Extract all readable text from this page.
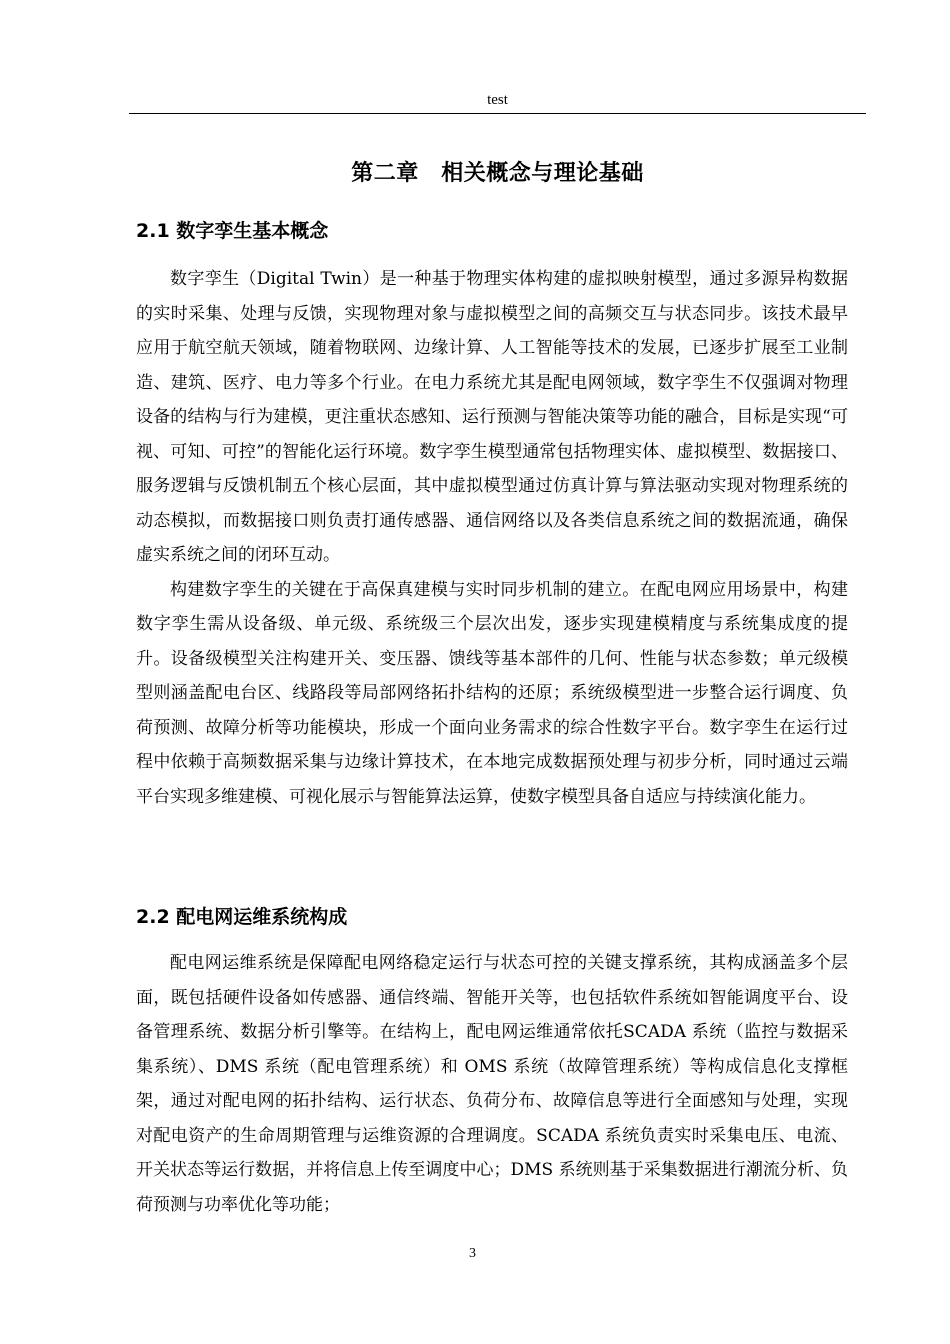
test
第二章　相关概念与理论基础
2.1 数字孪生基本概念

数字孪生（Digital Twin）是一种基于物理实体构建的虚拟映射模型，通过多源异构数据的实时采集、处理与反馈，实现物理对象与虚拟模型之间的高频交互与状态同步。该技术最早应用于航空航天领域，随着物联网、边缘计算、人工智能等技术的发展，已逐步扩展至工业制造、建筑、医疗、电力等多个行业。在电力系统尤其是配电网领域，数字孪生不仅强调对物理设备的结构与行为建模，更注重状态感知、运行预测与智能决策等功能的融合，目标是实现“可视、可知、可控”的智能化运行环境。数字孪生模型通常包括物理实体、虚拟模型、数据接口、服务逻辑与反馈机制五个核心层面，其中虚拟模型通过仿真计算与算法驱动实现对物理系统的动态模拟，而数据接口则负责打通传感器、通信网络以及各类信息系统之间的数据流通，确保虚实系统之间的闭环互动。

构建数字孪生的关键在于高保真建模与实时同步机制的建立。在配电网应用场景中，构建数字孪生需从设备级、单元级、系统级三个层次出发，逐步实现建模精度与系统集成度的提升。设备级模型关注构建开关、变压器、馈线等基本部件的几何、性能与状态参数；单元级模型则涵盖配电台区、线路段等局部网络拓扑结构的还原；系统级模型进一步整合运行调度、负荷预测、故障分析等功能模块，形成一个面向业务需求的综合性数字平台。数字孪生在运行过程中依赖于高频数据采集与边缘计算技术，在本地完成数据预处理与初步分析，同时通过云端平台实现多维建模、可视化展示与智能算法运算，使数字模型具备自适应与持续演化能力。

2.2 配电网运维系统构成

配电网运维系统是保障配电网络稳定运行与状态可控的关键支撑系统，其构成涵盖多个层面，既包括硬件设备如传感器、通信终端、智能开关等，也包括软件系统如智能调度平台、设备管理系统、数据分析引擎等。在结构上，配电网运维通常依托SCADA 系统（监控与数据采集系统）、DMS 系统（配电管理系统）和 OMS 系统（故障管理系统）等构成信息化支撑框架，通过对配电网的拓扑结构、运行状态、负荷分布、故障信息等进行全面感知与处理，实现对配电资产的生命周期管理与运维资源的合理调度。SCADA 系统负责实时采集电压、电流、开关状态等运行数据，并将信息上传至调度中心；DMS 系统则基于采集数据进行潮流分析、负荷预测与功率优化等功能；

3
